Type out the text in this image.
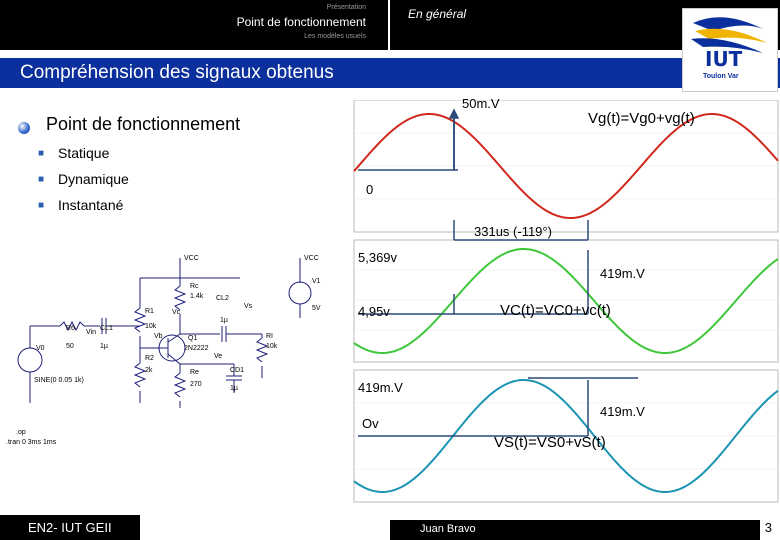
Présentation
Point de fonctionnement
Les modèles usuels
En général
Compréhension des signaux obtenus
IUT
Toulon Var
Point de fonctionnement
■ Statique
■ Dynamique
■ Instantané
VCC	VCC
V1
5V
Rc
1.4k CL2
Vs
R1
10k
Vc
1µ
R6
Vin
CL1
50	1µ
Vb	Q1
2N2222
RI
10k
R2
2k
Ve
Re
270
CD1
1µ
V0
SINE(0 0.05 1k)
.op
.tran 0 3ms 1ms
50m.V
0
331us (-119°)
5,369v
419m.V
4,95v
419m.V
419m.V
Ov
Vg(t)=Vg0+vg(t)
VC(t)=VC0+vc(t)
VS(t)=VS0+vS(t)
EN2- IUT GEII	Juan Bravo	3
